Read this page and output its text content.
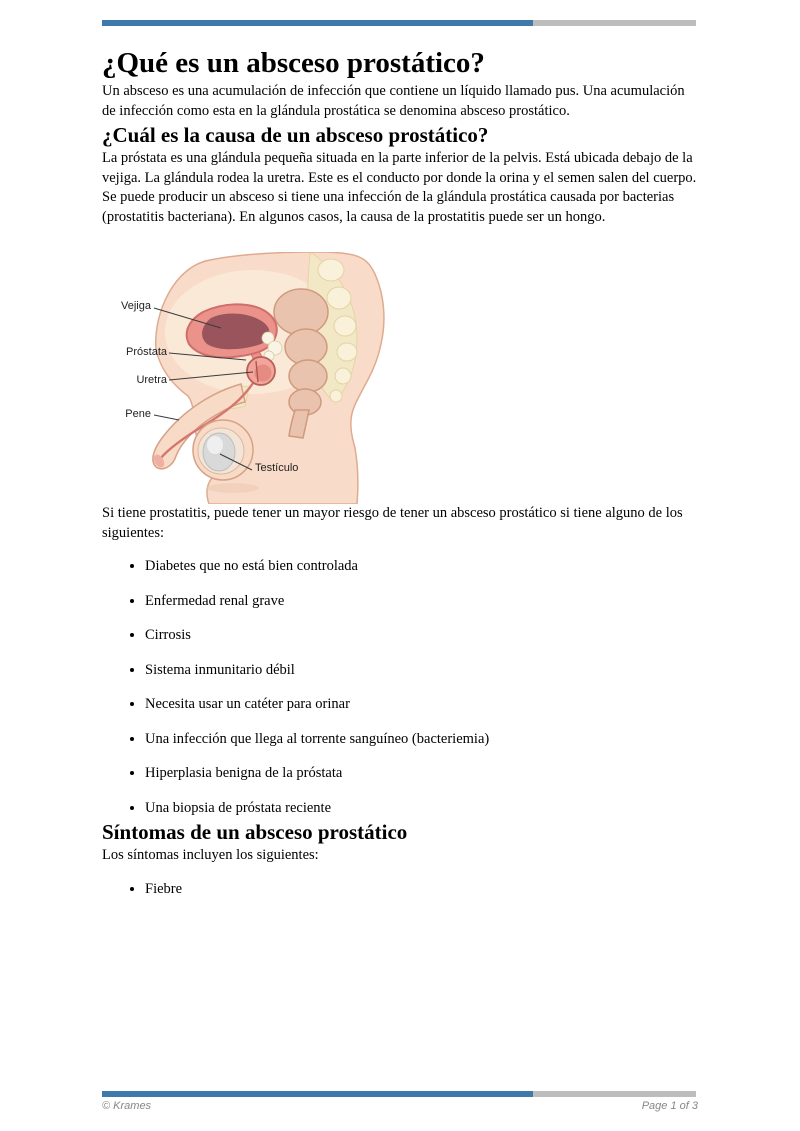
¿Qué es un absceso prostático?

Un absceso es una acumulación de infección que contiene un líquido llamado pus. Una acumulación de infección como esta en la glándula prostática se denomina absceso prostático.

¿Cuál es la causa de un absceso prostático?

La próstata es una glándula pequeña situada en la parte inferior de la pelvis. Está ubicada debajo de la vejiga. La glándula rodea la uretra. Este es el conducto por donde la orina y el semen salen del cuerpo. Se puede producir un absceso si tiene una infección de la glándula prostática causada por bacterias (prostatitis bacteriana). En algunos casos, la causa de la prostatitis puede ser un hongo.

Vejiga
Próstata
Uretra
Pene
Testículo

Si tiene prostatitis, puede tener un mayor riesgo de tener un absceso prostático si tiene alguno de los siguientes:

• Diabetes que no está bien controlada
• Enfermedad renal grave
• Cirrosis
• Sistema inmunitario débil
• Necesita usar un catéter para orinar
• Una infección que llega al torrente sanguíneo (bacteriemia)
• Hiperplasia benigna de la próstata
• Una biopsia de próstata reciente
Síntomas de un absceso prostático

Los síntomas incluyen los siguientes:

• Fiebre
© Krames	Page 1 of 3
